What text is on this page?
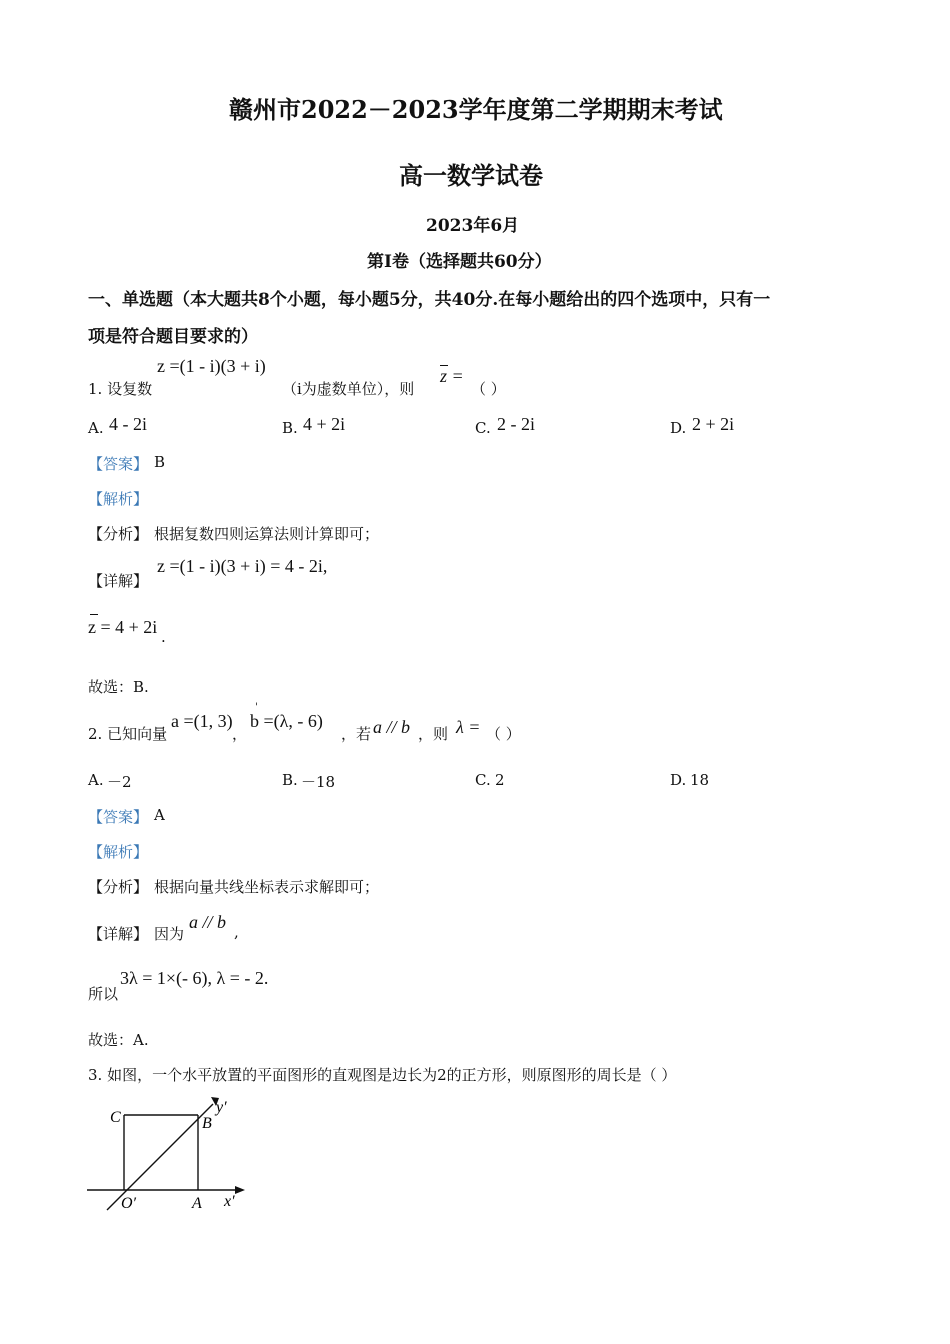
赣州市2022－2023学年度第二学期期末考试
高一数学试卷
2023年6月
第Ⅰ卷（选择题共60分）
一、单选题（本大题共8个小题，每小题5分，共40分.在每小题给出的四个选项中，只有一
项是符合题目要求的）
1. 设复数
z =(1 - i)(3 + i)
（i为虚数单位），则
z =
（ ）
A. 4 - 2i	B. 4 + 2i	C. 2 - 2i	D. 2 + 2i
【答案】 B
【解析】
【分析】 根据复数四则运算法则计算即可；
【详解】
z =(1 - i)(3 + i) = 4 - 2i,
z = 4 + 2i .
故选：B.
2. 已知向量
a =(1, 3)
，
'
b =(λ, - 6)
，若 a // b ，则 λ = （ ）
A. －2	B. －18	C. 2	D. 18
【答案】 A
【解析】
【分析】 根据向量共线坐标表示求解即可；
【详解】 因为
a // b ,
所以
3λ = 1×(- 6), λ = - 2.
故选：A.
3. 如图，一个水平放置的平面图形的直观图是边长为2的正方形，则原图形的周长是（ ）
C	B
O′	A x′
y′
